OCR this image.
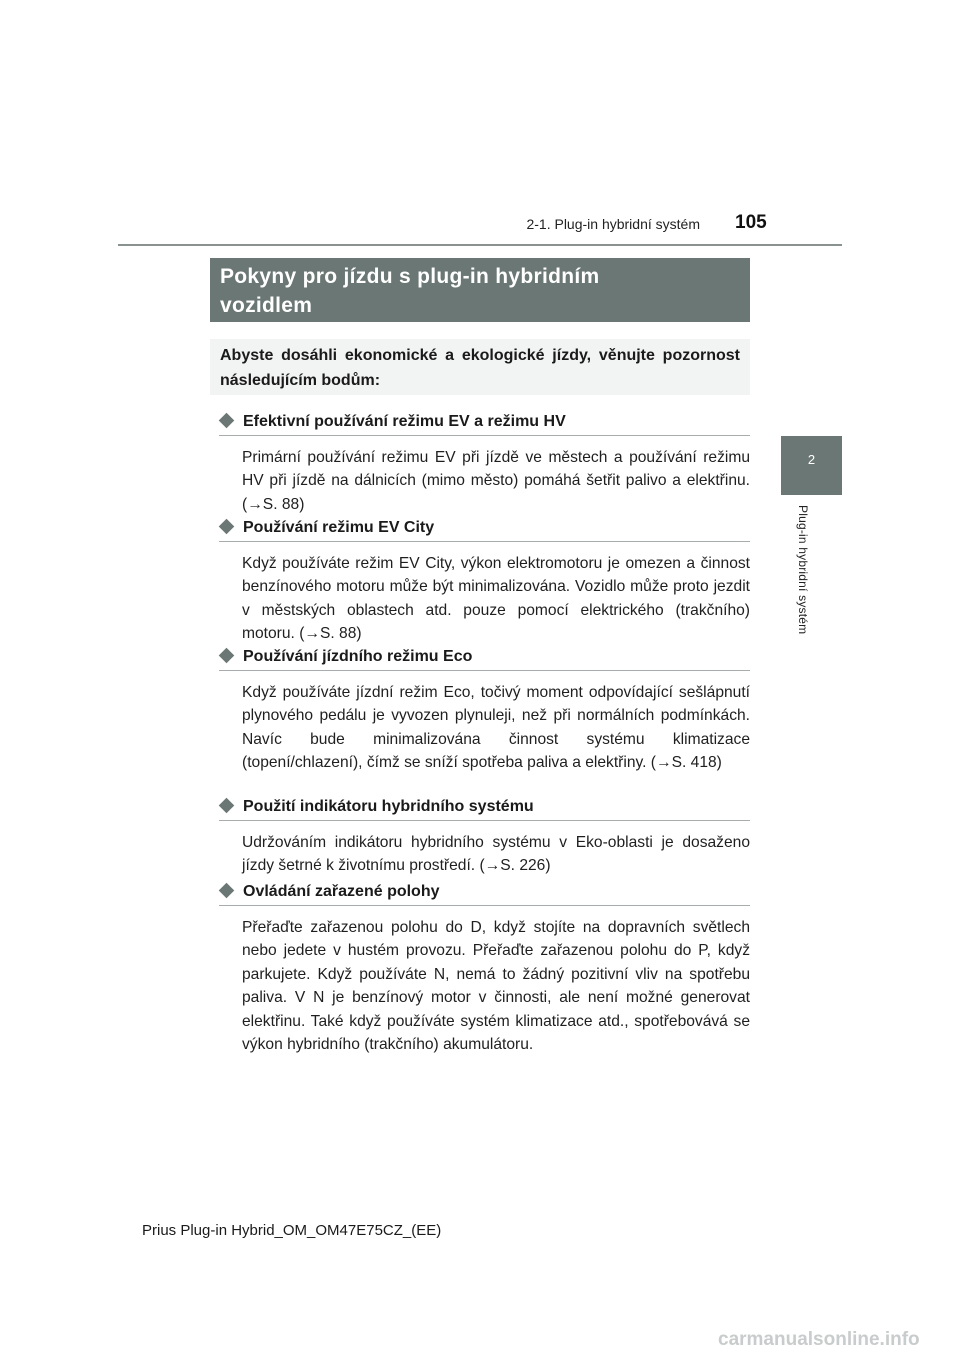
2-1. Plug-in hybridní systém 105
2
Plug-in hybridní systém
Pokyny pro jízdu s plug-in hybridním
vozidlem
Abyste dosáhli ekonomické a ekologické jízdy, věnujte pozornost následujícím bodům:
Efektivní používání režimu EV a režimu HV
Primární používání režimu EV při jízdě ve městech a používání režimu HV při jízdě na dálnicích (mimo město) pomáhá šetřit palivo a elektřinu. (→S. 88)
Používání režimu EV City
Když používáte režim EV City, výkon elektromotoru je omezen a činnost benzínového motoru může být minimalizována. Vozidlo může proto jezdit v městských oblastech atd. pouze pomocí elektrického (trakčního) motoru. (→S. 88)
Používání jízdního režimu Eco
Když používáte jízdní režim Eco, točivý moment odpovídající sešlápnutí plynového pedálu je vyvozen plynuleji, než při normálních podmínkách. Navíc bude minimalizována činnost systému klimatizace (topení/chlazení), čímž se sníží spotřeba paliva a elektřiny. (→S. 418)
Použití indikátoru hybridního systému
Udržováním indikátoru hybridního systému v Eko-oblasti je dosaženo jízdy šetrné k životnímu prostředí. (→S. 226)
Ovládání zařazené polohy
Přeřaďte zařazenou polohu do D, když stojíte na dopravních světlech nebo jedete v hustém provozu. Přeřaďte zařazenou polohu do P, když parkujete. Když používáte N, nemá to žádný pozitivní vliv na spotřebu paliva. V N je benzínový motor v činnosti, ale není možné generovat elektřinu. Také když používáte systém klimatizace atd., spotřebovává se výkon hybridního (trakčního) akumulátoru.
Prius Plug-in Hybrid_OM_OM47E75CZ_(EE)
carmanualsonline.info
